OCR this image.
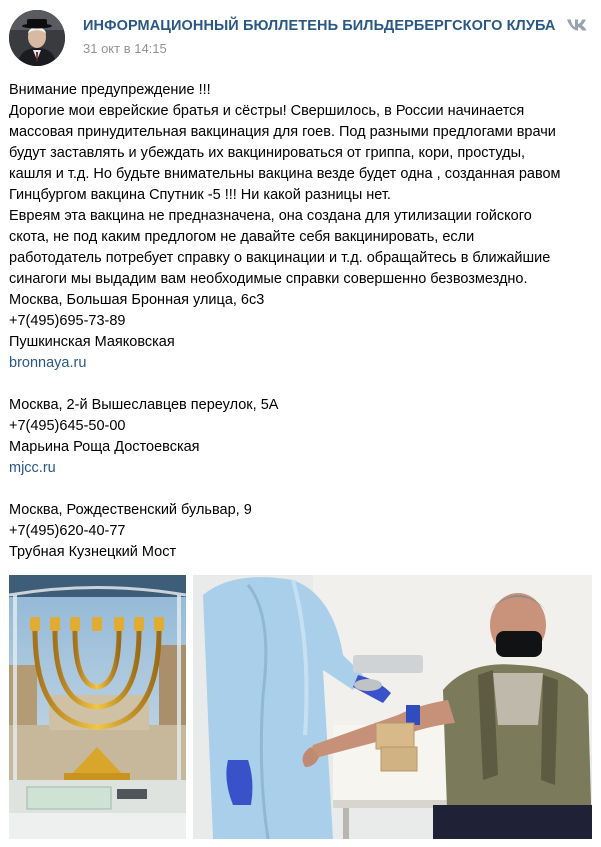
ИНФОРМАЦИОННЫЙ БЮЛЛЕТЕНЬ БИЛЬДЕРБЕРГСКОГО КЛУБА
31 окт в 14:15
Внимание предупреждение !!!
Дорогие мои еврейские братья и сёстры! Свершилось, в России начинается
массовая принудительная вакцинация для гоев. Под разными предлогами врачи
будут заставлять и убеждать их вакцинироваться от гриппа, кори, простуды,
кашля и т.д. Но будьте внимательны вакцина везде будет одна , созданная равом
Гинцбургом вакцина Спутник -5 !!! Ни какой разницы нет.
Евреям эта вакцина не предназначена, она создана для утилизации гойского
скота, не под каким предлогом не давайте себя вакцинировать, если
работодатель потребует справку о вакцинации и т.д. обращайтесь в ближайшие
синагоги мы выдадим вам необходимые справки совершенно безвозмездно.
Москва, Большая Бронная улица, 6с3
+7(495)695-73-89
Пушкинская Маяковская
bronnaya.ru
Москва, 2-й Вышеславцев переулок, 5А
+7(495)645-50-00
Марьина Роща Достоевская
mjcc.ru
Москва, Рождественский бульвар, 9
+7(495)620-40-77
Трубная Кузнецкий Мост
